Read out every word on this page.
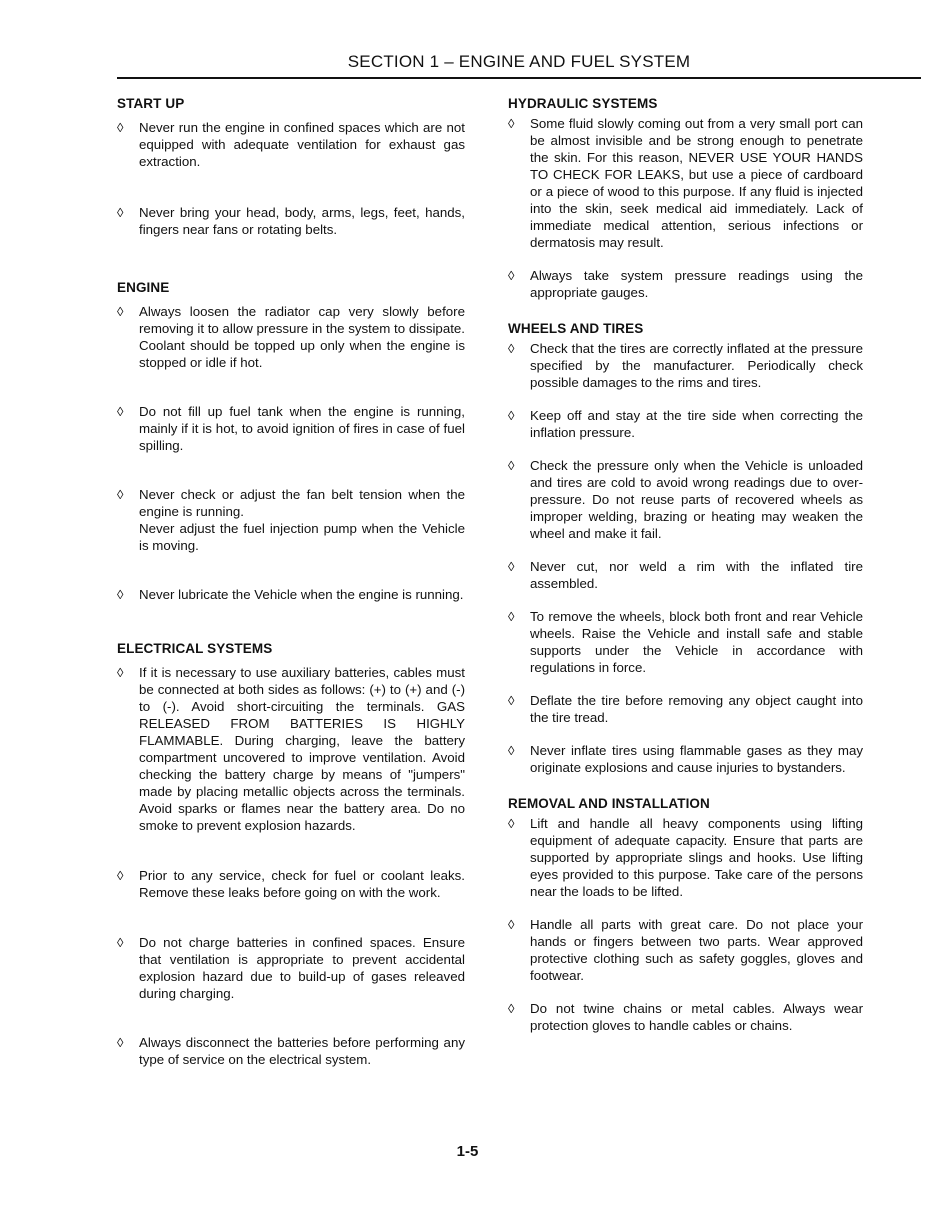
SECTION 1 – ENGINE AND FUEL SYSTEM
START UP
◊ Never run the engine in confined spaces which are not equipped with adequate ventilation for exhaust gas extraction.
◊ Never bring your head, body, arms, legs, feet, hands, fingers near fans or rotating belts.
ENGINE
◊ Always loosen the radiator cap very slowly before removing it to allow pressure in the system to dissipate. Coolant should be topped up only when the engine is stopped or idle if hot.
◊ Do not fill up fuel tank when the engine is running, mainly if it is hot, to avoid ignition of fires in case of fuel spilling.
◊ Never check or adjust the fan belt tension when the engine is running.
Never adjust the fuel injection pump when the Vehicle is moving.
◊ Never lubricate the Vehicle when the engine is running.
ELECTRICAL SYSTEMS
◊ If it is necessary to use auxiliary batteries, cables must be connected at both sides as follows: (+) to (+) and (-) to (-). Avoid short-circuiting the terminals. GAS RELEASED FROM BATTERIES IS HIGHLY FLAMMABLE. During charging, leave the battery compartment uncovered to improve ventilation. Avoid checking the battery charge by means of "jumpers" made by placing metallic objects across the terminals. Avoid sparks or flames near the battery area. Do no smoke to prevent explosion hazards.
◊ Prior to any service, check for fuel or coolant leaks. Remove these leaks before going on with the work.
◊ Do not charge batteries in confined spaces. Ensure that ventilation is appropriate to prevent accidental explosion hazard due to build-up of gases releaved during charging.
◊ Always disconnect the batteries before performing any type of service on the electrical system.
HYDRAULIC SYSTEMS
◊ Some fluid slowly coming out from a very small port can be almost invisible and be strong enough to penetrate the skin. For this reason, NEVER USE YOUR HANDS TO CHECK FOR LEAKS, but use a piece of cardboard or a piece of wood to this purpose. If any fluid is injected into the skin, seek medical aid immediately. Lack of immediate medical attention, serious infections or dermatosis may result.
◊ Always take system pressure readings using the appropriate gauges.
WHEELS AND TIRES
◊ Check that the tires are correctly inflated at the pressure specified by the manufacturer. Periodically check possible damages to the rims and tires.
◊ Keep off and stay at the tire side when correcting the inflation pressure.
◊ Check the pressure only when the Vehicle is unloaded and tires are cold to avoid wrong readings due to over-pressure. Do not reuse parts of recovered wheels as improper welding, brazing or heating may weaken the wheel and make it fail.
◊ Never cut, nor weld a rim with the inflated tire assembled.
◊ To remove the wheels, block both front and rear Vehicle wheels. Raise the Vehicle and install safe and stable supports under the Vehicle in accordance with regulations in force.
◊ Deflate the tire before removing any object caught into the tire tread.
◊ Never inflate tires using flammable gases as they may originate explosions and cause injuries to bystanders.
REMOVAL AND INSTALLATION
◊ Lift and handle all heavy components using lifting equipment of adequate capacity. Ensure that parts are supported by appropriate slings and hooks. Use lifting eyes provided to this purpose. Take care of the persons near the loads to be lifted.
◊ Handle all parts with great care. Do not place your hands or fingers between two parts. Wear approved protective clothing such as safety goggles, gloves and footwear.
◊ Do not twine chains or metal cables. Always wear protection gloves to handle cables or chains.
1-5
